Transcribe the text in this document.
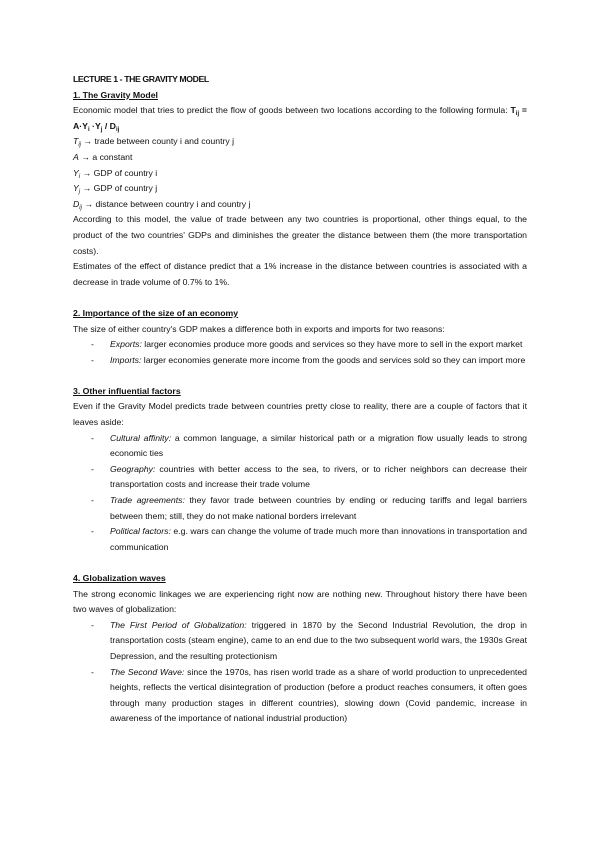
LECTURE 1 - THE GRAVITY MODEL

1. The Gravity Model

Economic model that tries to predict the flow of goods between two locations according to the following formula: $T_{ij} = A\cdot Y_i \cdot Y_j / D_{ij}$

$T_{ij}$ → trade between county i and country j

A → a constant

$Y_i$ → GDP of country i

$Y_j$ → GDP of country j

$D_{ij}$ → distance between country i and country j

According to this model, the value of trade between any two countries is proportional, other things equal, to the product of the two countries' GDPs and diminishes the greater the distance between them (the more transportation costs).

Estimates of the effect of distance predict that a 1% increase in the distance between countries is associated with a decrease in trade volume of 0.7% to 1%.

2. Importance of the size of an economy

The size of either country's GDP makes a difference both in exports and imports for two reasons:

- Exports: larger economies produce more goods and services so they have more to sell in the export market
- Imports: larger economies generate more income from the goods and services sold so they can import more

3. Other influential factors

Even if the Gravity Model predicts trade between countries pretty close to reality, there are a couple of factors that it leaves aside:

- Cultural affinity: a common language, a similar historical path or a migration flow usually leads to strong economic ties
- Geography: countries with better access to the sea, to rivers, or to richer neighbors can decrease their transportation costs and increase their trade volume
- Trade agreements: they favor trade between countries by ending or reducing tariffs and legal barriers between them; still, they do not make national borders irrelevant
- Political factors: e.g. wars can change the volume of trade much more than innovations in transportation and communication

4. Globalization waves

The strong economic linkages we are experiencing right now are nothing new. Throughout history there have been two waves of globalization:

- The First Period of Globalization: triggered in 1870 by the Second Industrial Revolution, the drop in transportation costs (steam engine), came to an end due to the two subsequent world wars, the 1930s Great Depression, and the resulting protectionism
- The Second Wave: since the 1970s, has risen world trade as a share of world production to unprecedented heights, reflects the vertical disintegration of production (before a product reaches consumers, it often goes through many production stages in different countries), slowing down (Covid pandemic, increase in awareness of the importance of national industrial production)
